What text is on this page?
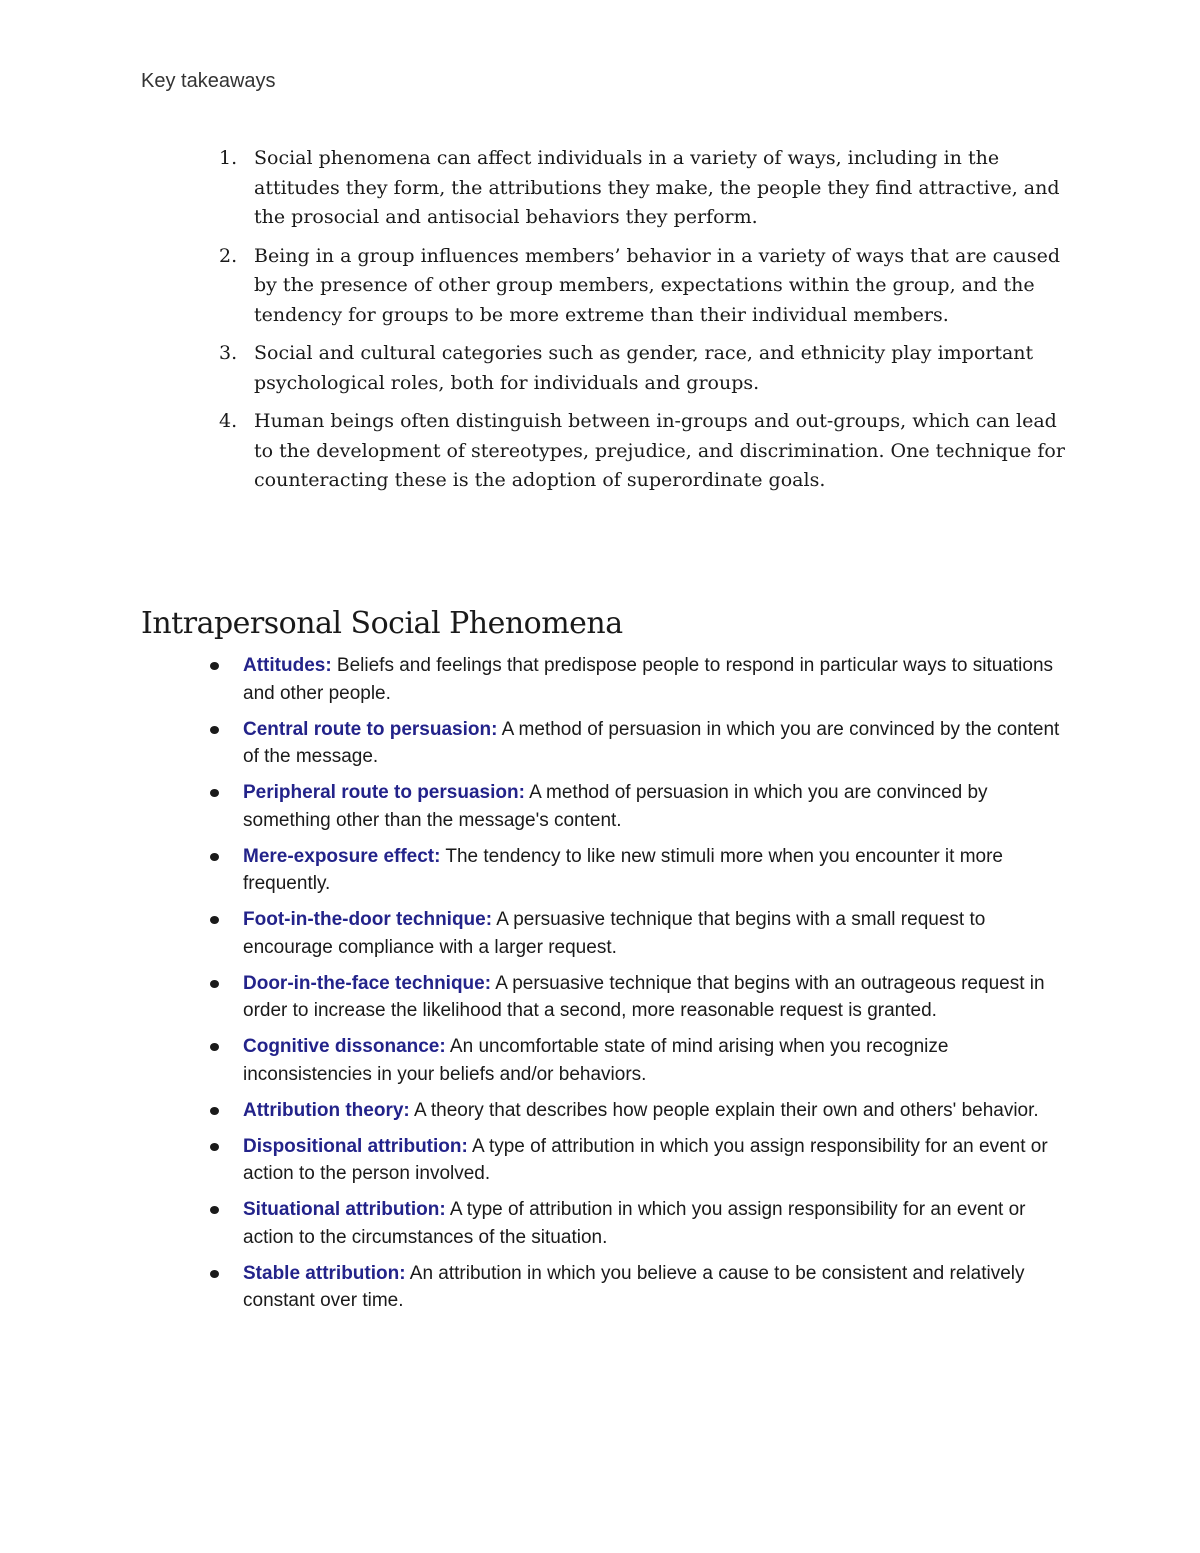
Key takeaways

1. Social phenomena can affect individuals in a variety of ways, including in the attitudes they form, the attributions they make, the people they find attractive, and the prosocial and antisocial behaviors they perform.
2. Being in a group influences members’ behavior in a variety of ways that are caused by the presence of other group members, expectations within the group, and the tendency for groups to be more extreme than their individual members.
3. Social and cultural categories such as gender, race, and ethnicity play important psychological roles, both for individuals and groups.
4. Human beings often distinguish between in-groups and out-groups, which can lead to the development of stereotypes, prejudice, and discrimination. One technique for counteracting these is the adoption of superordinate goals.
Intrapersonal Social Phenomena
Attitudes: Beliefs and feelings that predispose people to respond in particular ways to situations and other people.
Central route to persuasion: A method of persuasion in which you are convinced by the content of the message.
Peripheral route to persuasion: A method of persuasion in which you are convinced by something other than the message's content.
Mere-exposure effect: The tendency to like new stimuli more when you encounter it more frequently.
Foot-in-the-door technique: A persuasive technique that begins with a small request to encourage compliance with a larger request.
Door-in-the-face technique: A persuasive technique that begins with an outrageous request in order to increase the likelihood that a second, more reasonable request is granted.
Cognitive dissonance: An uncomfortable state of mind arising when you recognize inconsistencies in your beliefs and/or behaviors.
Attribution theory: A theory that describes how people explain their own and others' behavior.
Dispositional attribution: A type of attribution in which you assign responsibility for an event or action to the person involved.
Situational attribution: A type of attribution in which you assign responsibility for an event or action to the circumstances of the situation.
Stable attribution: An attribution in which you believe a cause to be consistent and relatively constant over time.
